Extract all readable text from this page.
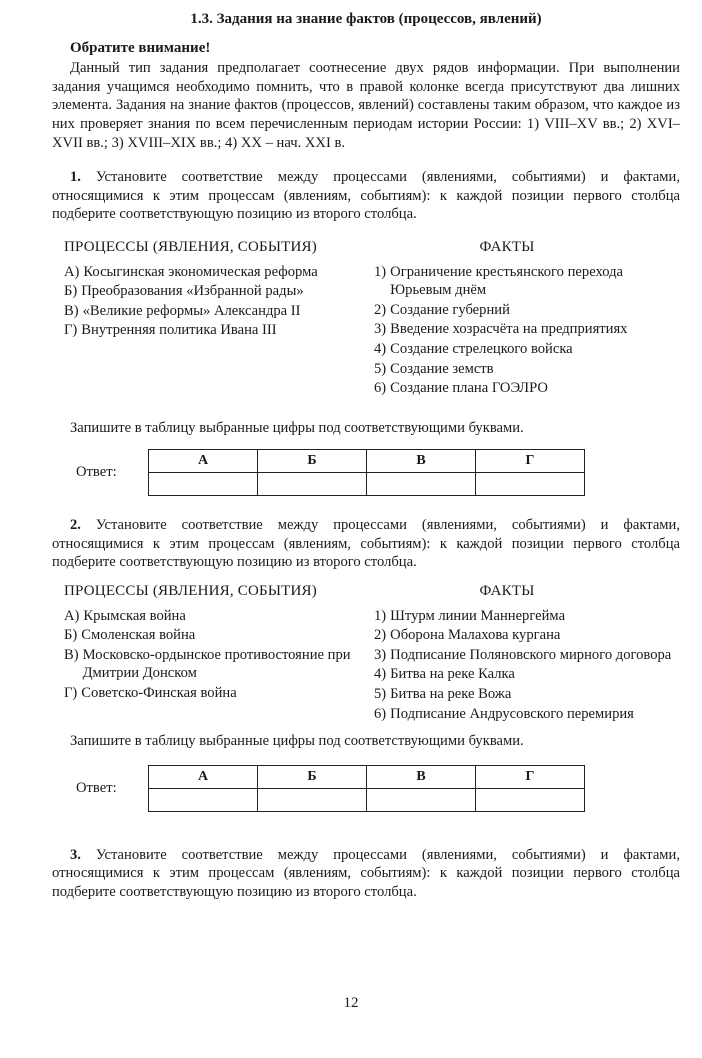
1.3. Задания на знание фактов (процессов, явлений)
Обратите внимание!

Данный тип задания предполагает соотнесение двух рядов информации. При выполнении задания учащимся необходимо помнить, что в правой колонке всегда присутствуют два лишних элемента. Задания на знание фактов (процессов, явлений) составлены таким образом, что каждое из них проверяет знания по всем перечисленным периодам истории России: 1) VIII–XV вв.; 2) XVI–XVII вв.; 3) XVIII–XIX вв.; 4) XX – нач. XXI в.

1. Установите соответствие между процессами (явлениями, событиями) и фактами, относящимися к этим процессам (явлениям, событиям): к каждой позиции первого столбца подберите соответствующую позицию из второго столбца.

ПРОЦЕССЫ (ЯВЛЕНИЯ, СОБЫТИЯ)
А) Косыгинская экономическая реформа
Б) Преобразования «Избранной рады»
В) «Великие реформы» Александра II
Г) Внутренняя политика Ивана III
ФАКТЫ
1) Ограничение крестьянского перехода Юрьевым днём
2) Создание губерний
3) Введение хозрасчёта на предприятиях
4) Создание стрелецкого войска
5) Создание земств
6) Создание плана ГОЭЛРО
Запишите в таблицу выбранные цифры под соответствующими буквами.
Ответ:
А	Б	В	Г

2. Установите соответствие между процессами (явлениями, событиями) и фактами, относящимися к этим процессам (явлениям, событиям): к каждой позиции первого столбца подберите соответствующую позицию из второго столбца.

ПРОЦЕССЫ (ЯВЛЕНИЯ, СОБЫТИЯ)
А) Крымская война
Б) Смоленская война
В) Московско-ордынское противостояние при Дмитрии Донском
Г) Советско-Финская война
ФАКТЫ
1) Штурм линии Маннергейма
2) Оборона Малахова кургана
3) Подписание Поляновского мирного договора
4) Битва на реке Калка
5) Битва на реке Вожа
6) Подписание Андрусовского перемирия
Запишите в таблицу выбранные цифры под соответствующими буквами.
Ответ:
А	Б	В	Г

3. Установите соответствие между процессами (явлениями, событиями) и фактами, относящимися к этим процессам (явлениям, событиям): к каждой позиции первого столбца подберите соответствующую позицию из второго столбца.

12
